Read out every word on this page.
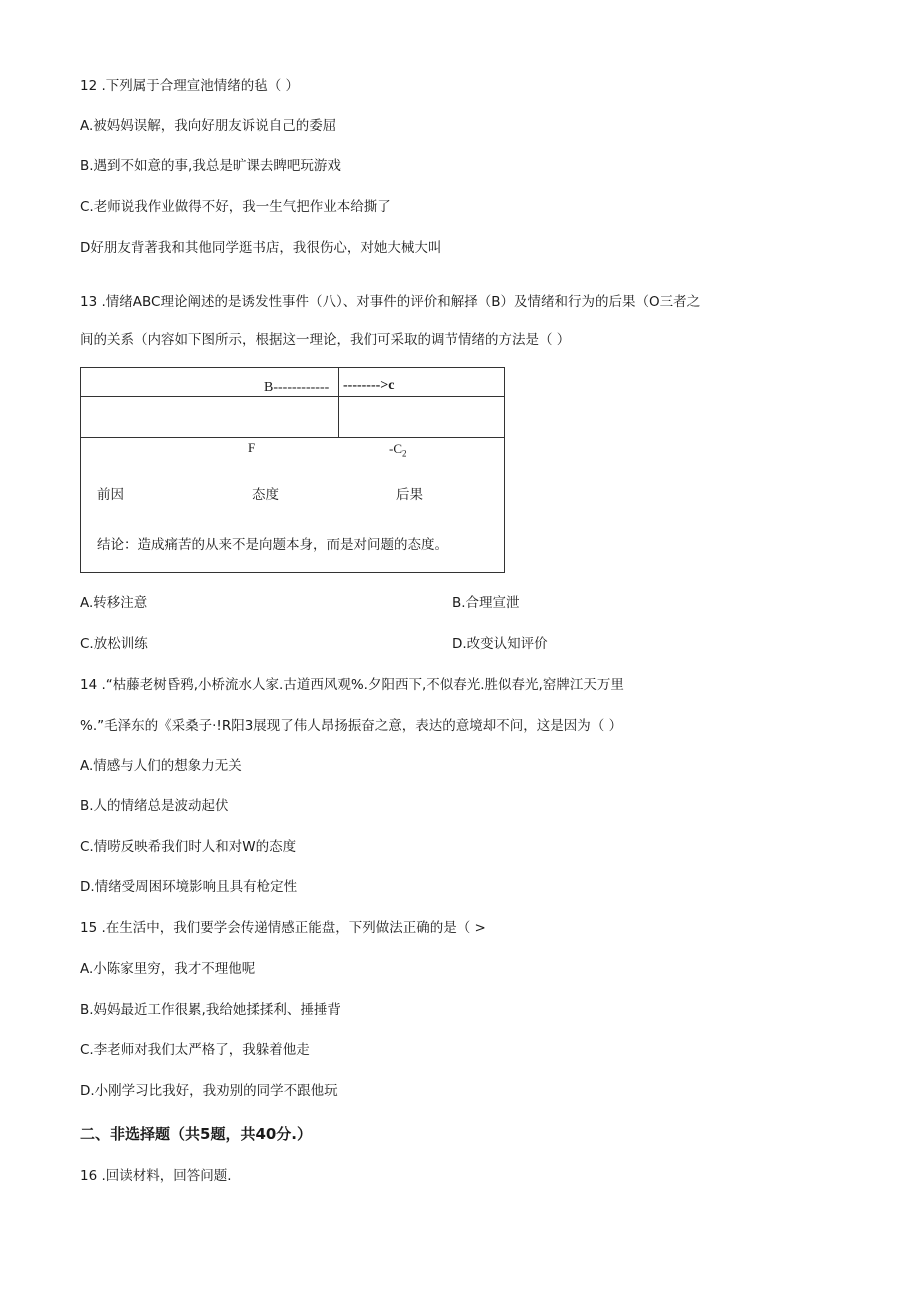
12 .下列属于合理宣池情绪的毡（ ）
A.被妈妈误解，我向好朋友诉说自己的委屈
B.遇到不如意的事,我总是旷课去睥吧玩游戏
C.老师说我作业做得不好，我一生气把作业本给撕了
D好朋友背著我和其他同学逛书店，我很伤心，对她大械大叫
13 .情绪ABC理论阐述的是诱发性事件（八）、对事件的评价和解择（B）及情绪和行为的后果（O三者之
间的关系（内容如下图所示，根据这一理论，我们可采取的调节情绪的方法是（ ）
B------------ -------->c
F	$-C_2$
前因	态度	后果
结论：造成痛苦的从来不是向题本身，而是对问题的态度。
A.转移注意	B.合理宣泄
C.放松训练	D.改变认知评价
14 .“枯藤老树昏鸦,小桥流水人家.古道西风观%.夕阳西下,不似春光.胜似春光,窑牌江天万里
%.”毛泽东的《采桑子·!R阳3展现了伟人昂扬振奋之意，表达的意境却不问，这是因为（ ）
A.情感与人们的想象力无关
B.人的情绪总是波动起伏
C.情唠反映希我们时人和对W的态度
D.情绪受周困环境影响且具有枪定性
15 .在生活中，我们要学会传递情感正能盘，下列做法正确的是（ >
A.小陈家里穷，我才不理他呢
B.妈妈最近工作很累,我给她揉揉利、捶捶背
C.李老师对我们太严格了，我躲着他走
D.小刚学习比我好，我劝别的同学不跟他玩
二、非选择题（共5题，共40分.）
16 .回读材料，回答问题.
